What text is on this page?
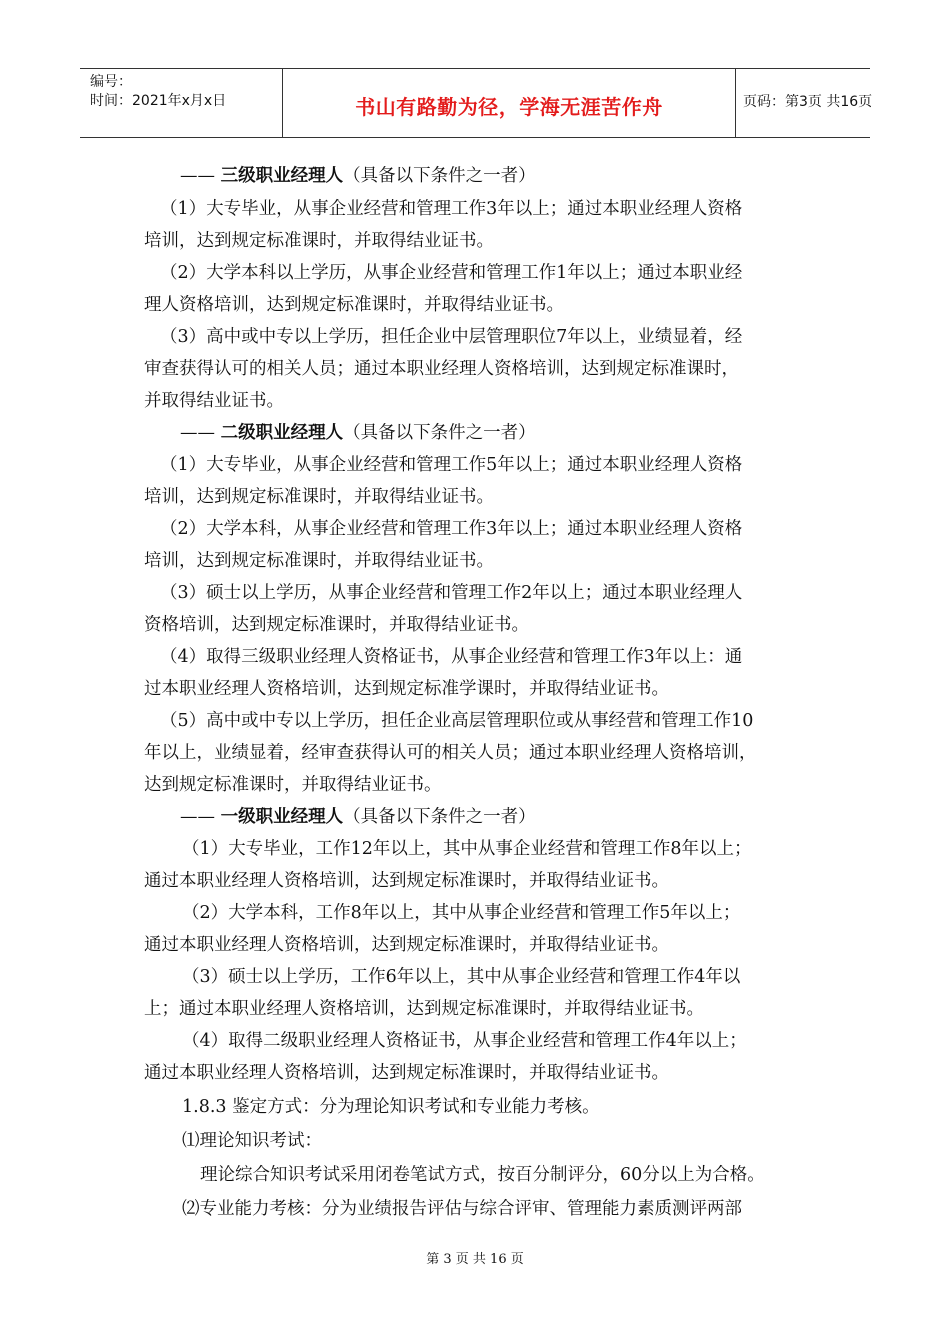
编号：
时间：2021年x月x日	书山有路勤为径，学海无涯苦作舟	页码：第3页 共16页
—— 三级职业经理人（具备以下条件之一者）
（1）大专毕业，从事企业经营和管理工作3年以上；通过本职业经理人资格
培训，达到规定标准课时，并取得结业证书。
（2）大学本科以上学历，从事企业经营和管理工作1年以上；通过本职业经
理人资格培训，达到规定标准课时，并取得结业证书。
（3）高中或中专以上学历，担任企业中层管理职位7年以上，业绩显着，经
审查获得认可的相关人员；通过本职业经理人资格培训，达到规定标准课时，
并取得结业证书。
—— 二级职业经理人（具备以下条件之一者）
（1）大专毕业，从事企业经营和管理工作5年以上；通过本职业经理人资格
培训，达到规定标准课时，并取得结业证书。
（2）大学本科，从事企业经营和管理工作3年以上；通过本职业经理人资格
培训，达到规定标准课时，并取得结业证书。
（3）硕士以上学历，从事企业经营和管理工作2年以上；通过本职业经理人
资格培训，达到规定标准课时，并取得结业证书。
（4）取得三级职业经理人资格证书，从事企业经营和管理工作3年以上：通
过本职业经理人资格培训，达到规定标准学课时，并取得结业证书。
（5）高中或中专以上学历，担任企业高层管理职位或从事经营和管理工作10
年以上，业绩显着，经审查获得认可的相关人员；通过本职业经理人资格培训，
达到规定标准课时，并取得结业证书。
—— 一级职业经理人（具备以下条件之一者）
（1）大专毕业，工作12年以上，其中从事企业经营和管理工作8年以上；
通过本职业经理人资格培训，达到规定标准课时，并取得结业证书。
（2）大学本科，工作8年以上，其中从事企业经营和管理工作5年以上；
通过本职业经理人资格培训，达到规定标准课时，并取得结业证书。
（3）硕士以上学历，工作6年以上，其中从事企业经营和管理工作4年以
上；通过本职业经理人资格培训，达到规定标准课时，并取得结业证书。
（4）取得二级职业经理人资格证书，从事企业经营和管理工作4年以上；
通过本职业经理人资格培训，达到规定标准课时，并取得结业证书。
1.8.3 鉴定方式：分为理论知识考试和专业能力考核。
⑴理论知识考试：
理论综合知识考试采用闭卷笔试方式，按百分制评分，60分以上为合格。
⑵专业能力考核：分为业绩报告评估与综合评审、管理能力素质测评两部
第 3 页 共 16 页
